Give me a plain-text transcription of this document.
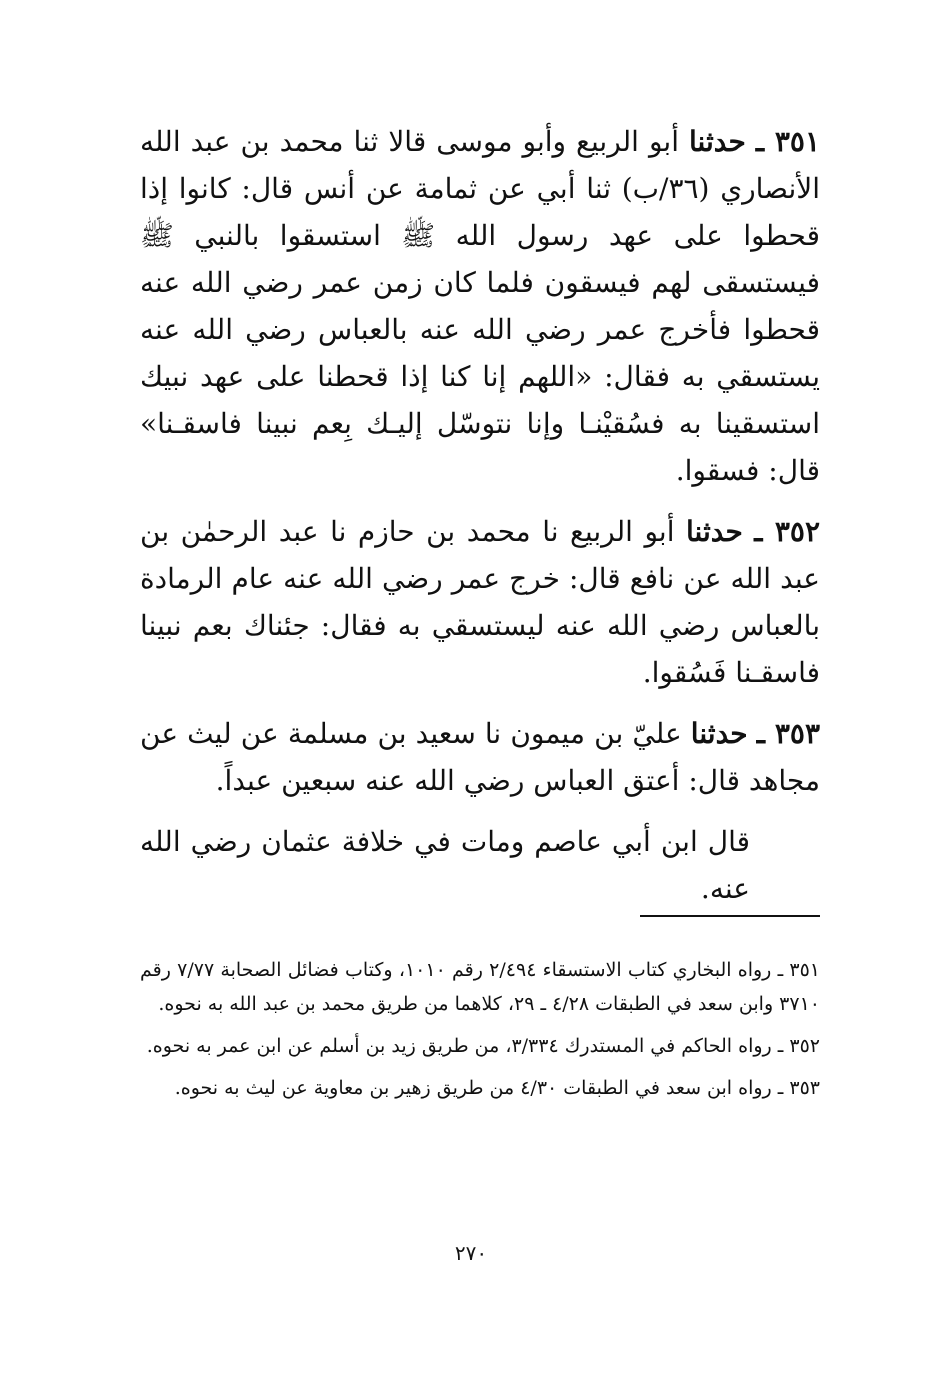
٣٥١ ـ حدثنا أبو الربيع وأبو موسى قالا ثنا محمد بن عبد الله الأنصاري (٣٦/ب) ثنا أبي عن ثمامة عن أنس قال: كانوا إذا قحطوا على عهد رسول الله ﷺ استسقوا بالنبي ﷺ فيستسقى لهم فيسقون فلما كان زمن عمر رضي الله عنه قحطوا فأخرج عمر رضي الله عنه بالعباس رضي الله عنه يستسقي به فقال: «اللهم إنا كنا إذا قحطنا على عهد نبيك استسقينا به فسُقيْنـا وإنا نتوسّل إليـك بِعم نبينا فاسقـنا» قال: فسقوا.

٣٥٢ ـ حدثنا أبو الربيع نا محمد بن حازم نا عبد الرحمٰن بن عبد الله عن نافع قال: خرج عمر رضي الله عنه عام الرمادة بالعباس رضي الله عنه ليستسقي به فقال: جئناك بعم نبينا فاسقـنا فَسُقوا.

٣٥٣ ـ حدثنا عليّ بن ميمون نا سعيد بن مسلمة عن ليث عن مجاهد قال: أعتق العباس رضي الله عنه سبعين عبداً.

قال ابن أبي عاصم ومات في خلافة عثمان رضي الله عنه.

٣٥١ ـ رواه البخاري كتاب الاستسقاء ٢/٤٩٤ رقم ١٠١٠، وكتاب فضائل الصحابة ٧/٧٧ رقم ٣٧١٠ وابن سعد في الطبقات ٤/٢٨ ـ ٢٩، كلاهما من طريق محمد بن عبد الله به نحوه.

٣٥٢ ـ رواه الحاكم في المستدرك ٣/٣٣٤، من طريق زيد بن أسلم عن ابن عمر به نحوه.

٣٥٣ ـ رواه ابن سعد في الطبقات ٤/٣٠ من طريق زهير بن معاوية عن ليث به نحوه.

٢٧٠
